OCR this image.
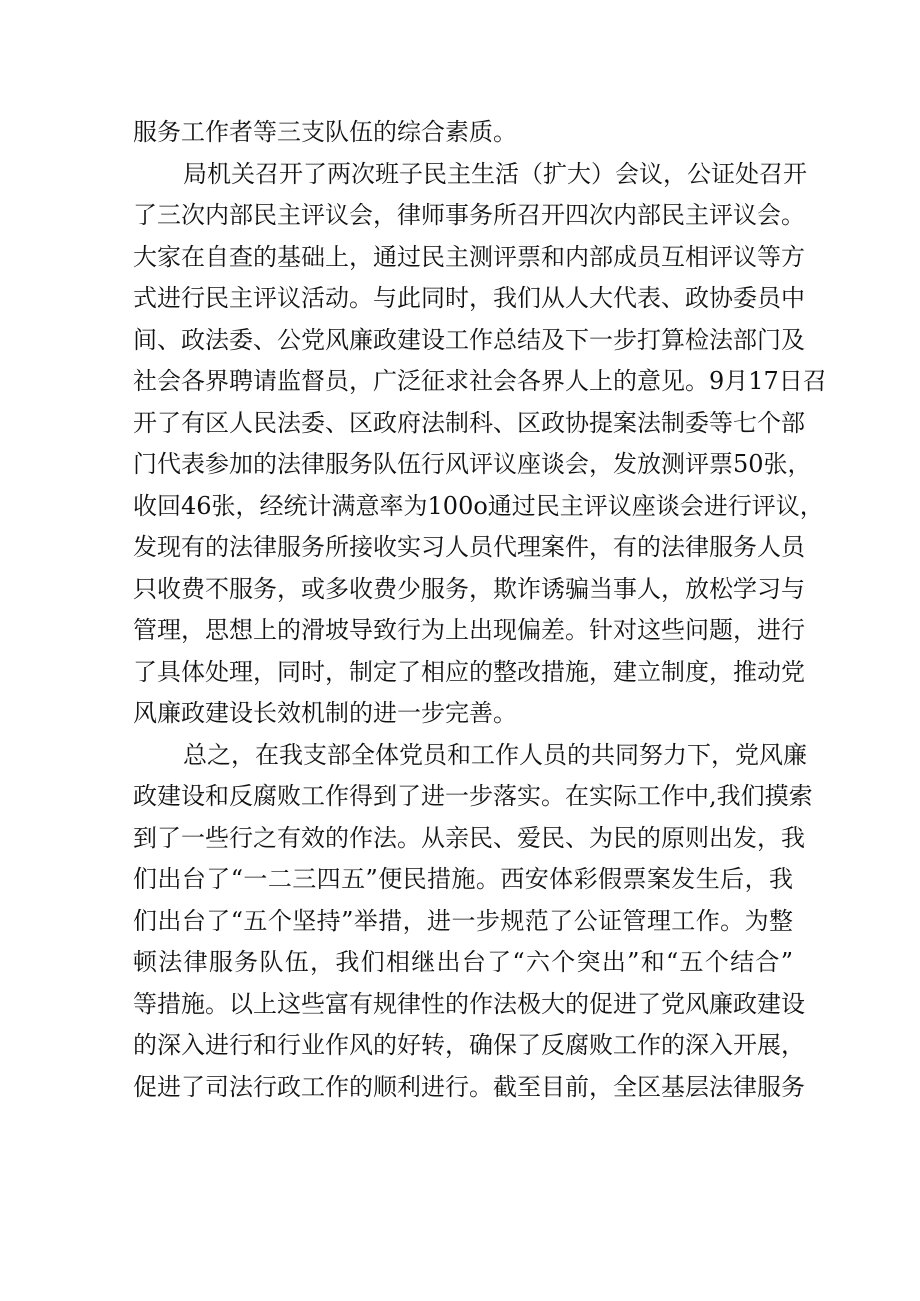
服务工作者等三支队伍的综合素质。
局机关召开了两次班子民主生活（扩大）会议，公证处召开
了三次内部民主评议会，律师事务所召开四次内部民主评议会。
大家在自查的基础上，通过民主测评票和内部成员互相评议等方
式进行民主评议活动。与此同时，我们从人大代表、政协委员中
间、政法委、公党风廉政建设工作总结及下一步打算检法部门及
社会各界聘请监督员，广泛征求社会各界人上的意见。9月17日召
开了有区人民法委、区政府法制科、区政协提案法制委等七个部
门代表参加的法律服务队伍行风评议座谈会，发放测评票50张，
收回46张，经统计满意率为100o通过民主评议座谈会进行评议，
发现有的法律服务所接收实习人员代理案件，有的法律服务人员
只收费不服务，或多收费少服务，欺诈诱骗当事人，放松学习与
管理，思想上的滑坡导致行为上出现偏差。针对这些问题，进行
了具体处理，同时，制定了相应的整改措施，建立制度，推动党
风廉政建设长效机制的进一步完善。
总之，在我支部全体党员和工作人员的共同努力下，党风廉
政建设和反腐败工作得到了进一步落实。在实际工作中,我们摸索
到了一些行之有效的作法。从亲民、爱民、为民的原则出发，我
们出台了“一二三四五”便民措施。西安体彩假票案发生后，我
们出台了“五个坚持”举措，进一步规范了公证管理工作。为整
顿法律服务队伍，我们相继出台了“六个突出”和“五个结合”
等措施。以上这些富有规律性的作法极大的促进了党风廉政建设
的深入进行和行业作风的好转，确保了反腐败工作的深入开展，
促进了司法行政工作的顺利进行。截至目前，全区基层法律服务
